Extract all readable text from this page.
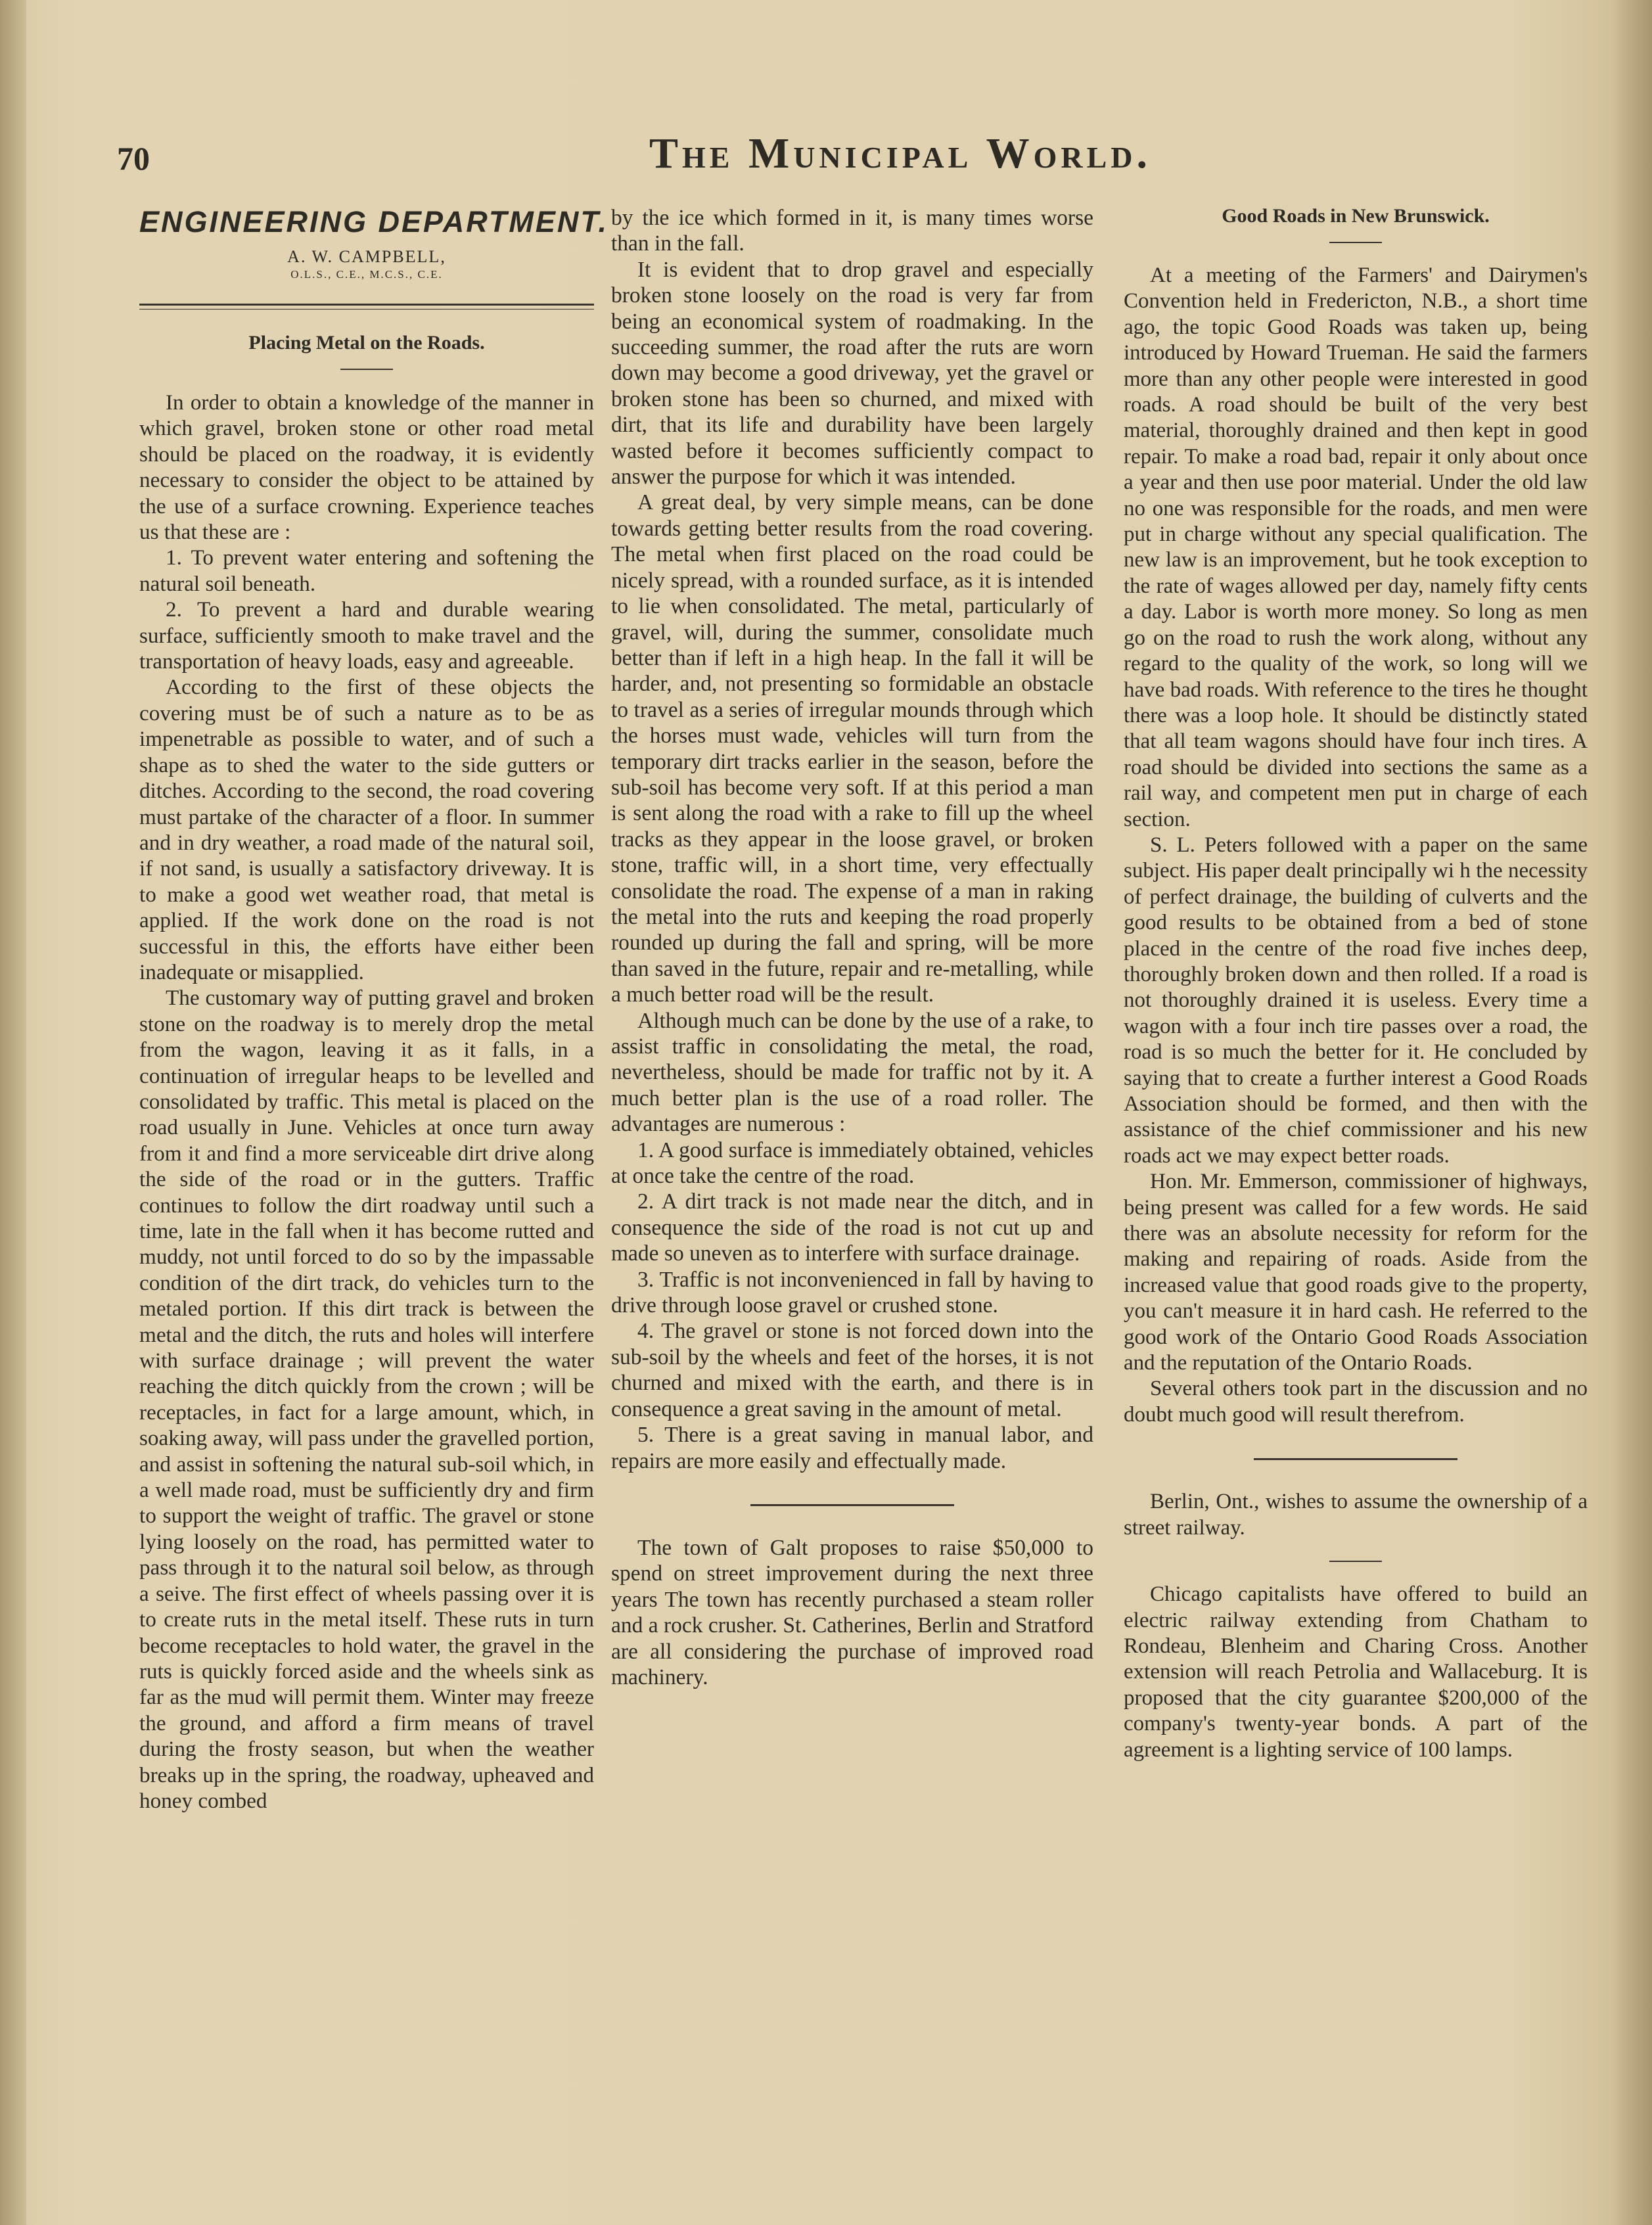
70	The Municipal World.
ENGINEERING DEPARTMENT.
A. W. CAMPBELL,
O.L.S., C.E., M.C.S., C.E.
Placing Metal on the Roads.

In order to obtain a knowledge of the manner in which gravel, broken stone or other road metal should be placed on the roadway, it is evidently necessary to consider the object to be attained by the use of a surface crowning. Experience teaches us that these are :

1. To prevent water entering and softening the natural soil beneath.

2. To prevent a hard and durable wearing surface, sufficiently smooth to make travel and the transportation of heavy loads, easy and agreeable.

According to the first of these objects the covering must be of such a nature as to be as impenetrable as possible to water, and of such a shape as to shed the water to the side gutters or ditches. According to the second, the road covering must partake of the character of a floor. In summer and in dry weather, a road made of the natural soil, if not sand, is usually a satisfactory driveway. It is to make a good wet weather road, that metal is applied. If the work done on the road is not successful in this, the efforts have either been inadequate or misapplied.

The customary way of putting gravel and broken stone on the roadway is to merely drop the metal from the wagon, leaving it as it falls, in a continuation of irregular heaps to be levelled and consolidated by traffic. This metal is placed on the road usually in June. Vehicles at once turn away from it and find a more serviceable dirt drive along the side of the road or in the gutters. Traffic continues to follow the dirt roadway until such a time, late in the fall when it has become rutted and muddy, not until forced to do so by the impassable condition of the dirt track, do vehicles turn to the metaled portion. If this dirt track is between the metal and the ditch, the ruts and holes will interfere with surface drainage ; will prevent the water reaching the ditch quickly from the crown ; will be receptacles, in fact for a large amount, which, in soaking away, will pass under the gravelled portion, and assist in softening the natural sub-soil which, in a well made road, must be sufficiently dry and firm to support the weight of traffic. The gravel or stone lying loosely on the road, has permitted water to pass through it to the natural soil below, as through a seive. The first effect of wheels passing over it is to create ruts in the metal itself. These ruts in turn become receptacles to hold water, the gravel in the ruts is quickly forced aside and the wheels sink as far as the mud will permit them. Winter may freeze the ground, and afford a firm means of travel during the frosty season, but when the weather breaks up in the spring, the roadway, upheaved and honey combed

by the ice which formed in it, is many times worse than in the fall.

It is evident that to drop gravel and especially broken stone loosely on the road is very far from being an economical system of roadmaking. In the succeeding summer, the road after the ruts are worn down may become a good driveway, yet the gravel or broken stone has been so churned, and mixed with dirt, that its life and durability have been largely wasted before it becomes sufficiently compact to answer the purpose for which it was intended.

A great deal, by very simple means, can be done towards getting better results from the road covering. The metal when first placed on the road could be nicely spread, with a rounded surface, as it is intended to lie when consolidated. The metal, particularly of gravel, will, during the summer, consolidate much better than if left in a high heap. In the fall it will be harder, and, not presenting so formidable an obstacle to travel as a series of irregular mounds through which the horses must wade, vehicles will turn from the temporary dirt tracks earlier in the season, before the sub-soil has become very soft. If at this period a man is sent along the road with a rake to fill up the wheel tracks as they appear in the loose gravel, or broken stone, traffic will, in a short time, very effectually consolidate the road. The expense of a man in raking the metal into the ruts and keeping the road properly rounded up during the fall and spring, will be more than saved in the future, repair and re-metalling, while a much better road will be the result.

Although much can be done by the use of a rake, to assist traffic in consolidating the metal, the road, nevertheless, should be made for traffic not by it. A much better plan is the use of a road roller. The advantages are numerous :

1. A good surface is immediately obtained, vehicles at once take the centre of the road.

2. A dirt track is not made near the ditch, and in consequence the side of the road is not cut up and made so uneven as to interfere with surface drainage.

3. Traffic is not inconvenienced in fall by having to drive through loose gravel or crushed stone.

4. The gravel or stone is not forced down into the sub-soil by the wheels and feet of the horses, it is not churned and mixed with the earth, and there is in consequence a great saving in the amount of metal.

5. There is a great saving in manual labor, and repairs are more easily and effectually made.

The town of Galt proposes to raise $50,000 to spend on street improvement during the next three years The town has recently purchased a steam roller and a rock crusher. St. Catherines, Berlin and Stratford are all considering the purchase of improved road machinery.

Good Roads in New Brunswick.

At a meeting of the Farmers' and Dairymen's Convention held in Fredericton, N.B., a short time ago, the topic Good Roads was taken up, being introduced by Howard Trueman. He said the farmers more than any other people were interested in good roads. A road should be built of the very best material, thoroughly drained and then kept in good repair. To make a road bad, repair it only about once a year and then use poor material. Under the old law no one was responsible for the roads, and men were put in charge without any special qualification. The new law is an improvement, but he took exception to the rate of wages allowed per day, namely fifty cents a day. Labor is worth more money. So long as men go on the road to rush the work along, without any regard to the quality of the work, so long will we have bad roads. With reference to the tires he thought there was a loop hole. It should be distinctly stated that all team wagons should have four inch tires. A road should be divided into sections the same as a rail way, and competent men put in charge of each section.

S. L. Peters followed with a paper on the same subject. His paper dealt principally wi h the necessity of perfect drainage, the building of culverts and the good results to be obtained from a bed of stone placed in the centre of the road five inches deep, thoroughly broken down and then rolled. If a road is not thoroughly drained it is useless. Every time a wagon with a four inch tire passes over a road, the road is so much the better for it. He concluded by saying that to create a further interest a Good Roads Association should be formed, and then with the assistance of the chief commissioner and his new roads act we may expect better roads.

Hon. Mr. Emmerson, commissioner of highways, being present was called for a few words. He said there was an absolute necessity for reform for the making and repairing of roads. Aside from the increased value that good roads give to the property, you can't measure it in hard cash. He referred to the good work of the Ontario Good Roads Association and the reputation of the Ontario Roads.

Several others took part in the discussion and no doubt much good will result therefrom.

Berlin, Ont., wishes to assume the ownership of a street railway.

Chicago capitalists have offered to build an electric railway extending from Chatham to Rondeau, Blenheim and Charing Cross. Another extension will reach Petrolia and Wallaceburg. It is proposed that the city guarantee $200,000 of the company's twenty-year bonds. A part of the agreement is a lighting service of 100 lamps.
